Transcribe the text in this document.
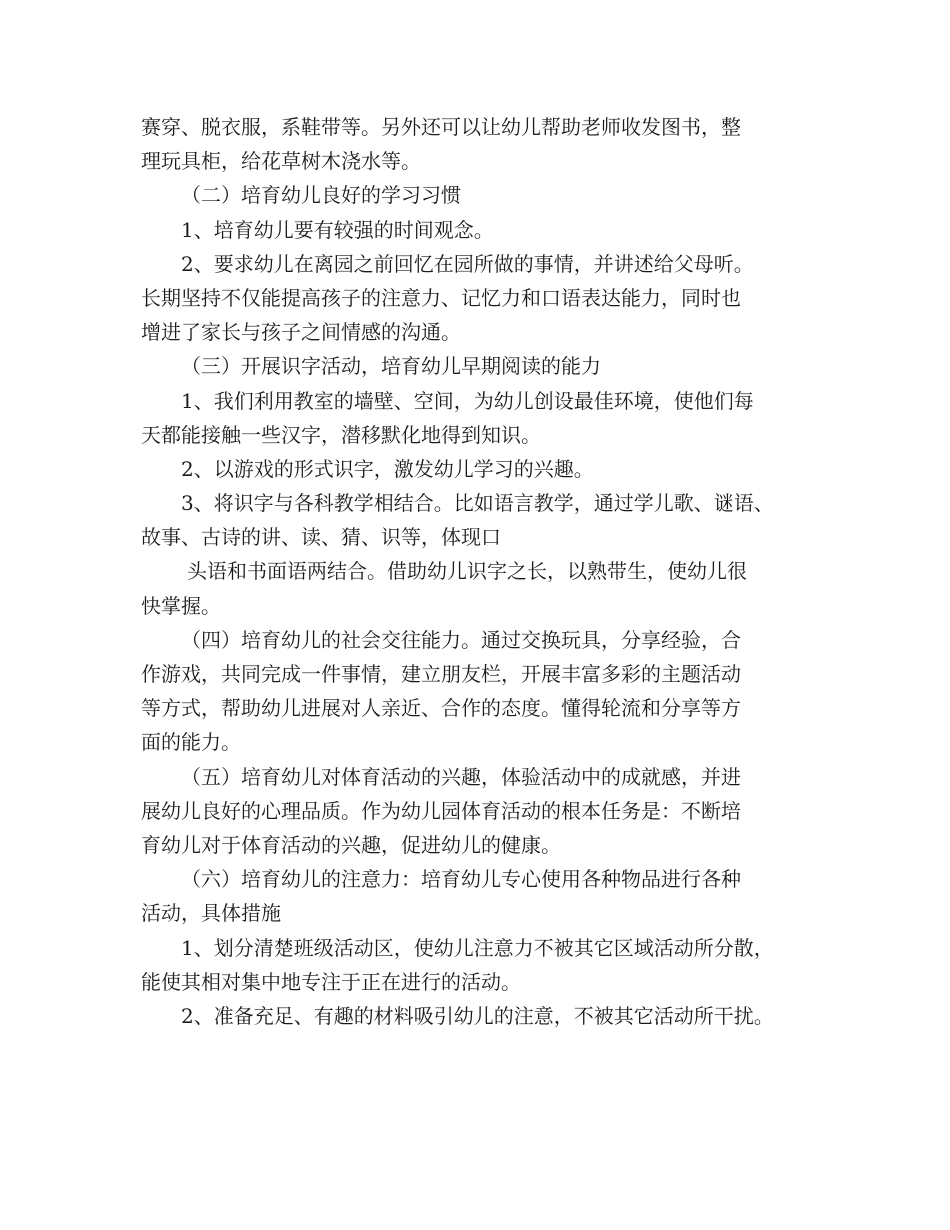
赛穿、脱衣服，系鞋带等。另外还可以让幼儿帮助老师收发图书，整
理玩具柜，给花草树木浇水等。
（二）培育幼儿良好的学习习惯
1、培育幼儿要有较强的时间观念。
2、要求幼儿在离园之前回忆在园所做的事情，并讲述给父母听。
长期坚持不仅能提高孩子的注意力、记忆力和口语表达能力，同时也
增进了家长与孩子之间情感的沟通。
（三）开展识字活动，培育幼儿早期阅读的能力
1、我们利用教室的墙壁、空间，为幼儿创设最佳环境，使他们每
天都能接触一些汉字，潜移默化地得到知识。
2、以游戏的形式识字，激发幼儿学习的兴趣。
3、将识字与各科教学相结合。比如语言教学，通过学儿歌、谜语、
故事、古诗的讲、读、猜、识等，体现口
头语和书面语两结合。借助幼儿识字之长，以熟带生，使幼儿很
快掌握。
（四）培育幼儿的社会交往能力。通过交换玩具，分享经验，合
作游戏，共同完成一件事情，建立朋友栏，开展丰富多彩的主题活动
等方式，帮助幼儿进展对人亲近、合作的态度。懂得轮流和分享等方
面的能力。
（五）培育幼儿对体育活动的兴趣，体验活动中的成就感，并进
展幼儿良好的心理品质。作为幼儿园体育活动的根本任务是：不断培
育幼儿对于体育活动的兴趣，促进幼儿的健康。
（六）培育幼儿的注意力：培育幼儿专心使用各种物品进行各种
活动，具体措施
1、划分清楚班级活动区，使幼儿注意力不被其它区域活动所分散，
能使其相对集中地专注于正在进行的活动。
2、准备充足、有趣的材料吸引幼儿的注意，不被其它活动所干扰。
